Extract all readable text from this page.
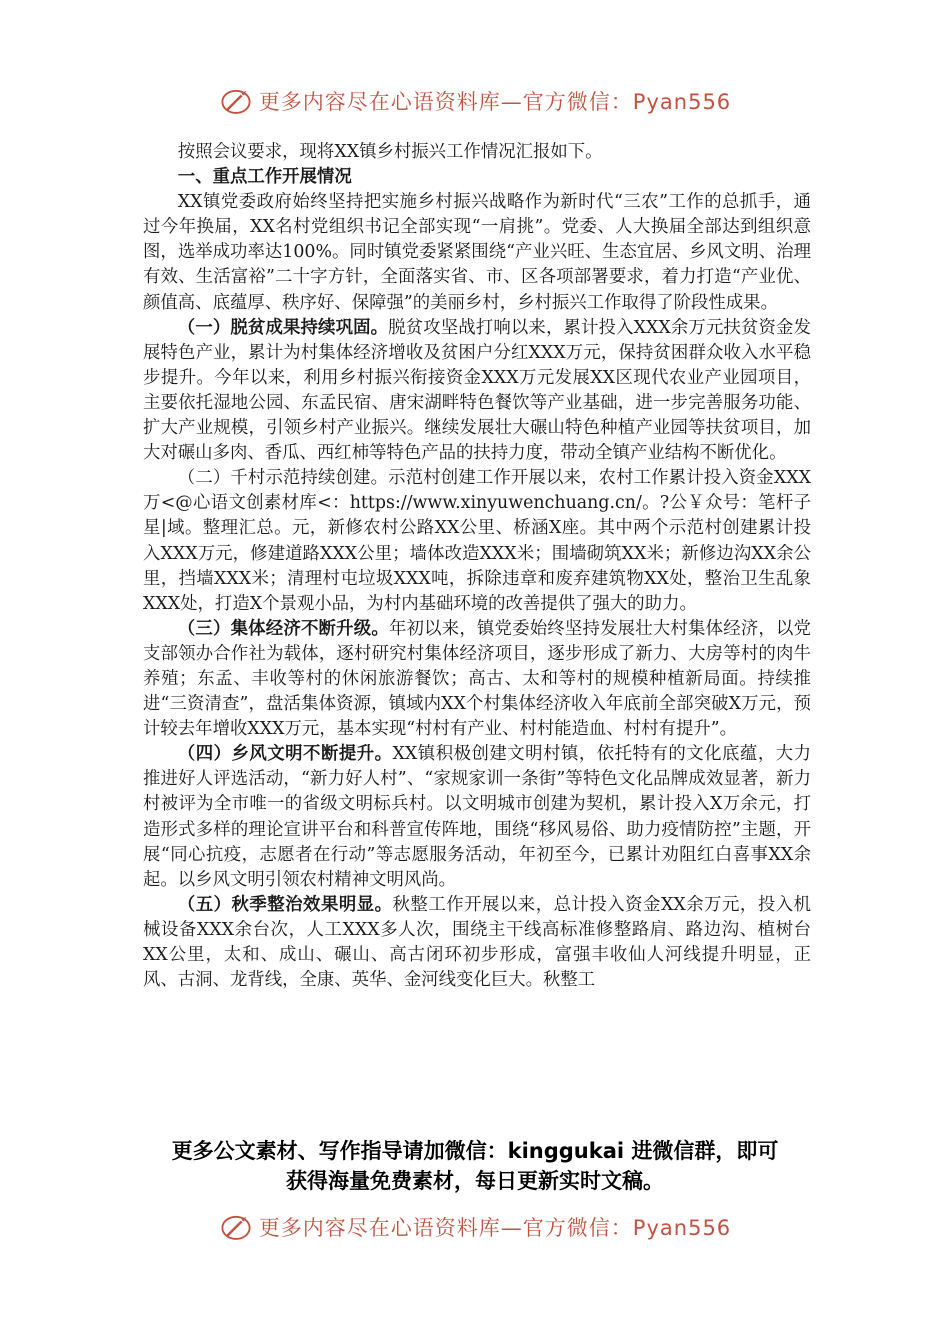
更多内容尽在心语资料库—官方微信：Pyan556

按照会议要求，现将XX镇乡村振兴工作情况汇报如下。

一、重点工作开展情况

XX镇党委政府始终坚持把实施乡村振兴战略作为新时代“三农”工作的总抓手，通过今年换届，XX名村党组织书记全部实现“一肩挑”。党委、人大换届全部达到组织意图，选举成功率达100%。同时镇党委紧紧围绕“产业兴旺、生态宜居、乡风文明、治理有效、生活富裕”二十字方针，全面落实省、市、区各项部署要求，着力打造“产业优、颜值高、底蕴厚、秩序好、保障强”的美丽乡村，乡村振兴工作取得了阶段性成果。

（一）脱贫成果持续巩固。脱贫攻坚战打响以来，累计投入XXX余万元扶贫资金发展特色产业，累计为村集体经济增收及贫困户分红XXX万元，保持贫困群众收入水平稳步提升。今年以来，利用乡村振兴衔接资金XXX万元发展XX区现代农业产业园项目，主要依托湿地公园、东孟民宿、唐宋湖畔特色餐饮等产业基础，进一步完善服务功能、扩大产业规模，引领乡村产业振兴。继续发展壮大碾山特色种植产业园等扶贫项目，加大对碾山多肉、香瓜、西红柿等特色产品的扶持力度，带动全镇产业结构不断优化。

（二）千村示范持续创建。示范村创建工作开展以来，农村工作累计投入资金XXX万<@心语文创素材库<：https://www.xinyuwenchuang.cn/。?公￥众号：笔杆子星|域。整理汇总。元，新修农村公路XX公里、桥涵X座。其中两个示范村创建累计投入XXX万元，修建道路XXX公里；墙体改造XXX米；围墙砌筑XX米；新修边沟XX余公里，挡墙XXX米；清理村屯垃圾XXX吨，拆除违章和废弃建筑物XX处，整治卫生乱象XXX处，打造X个景观小品，为村内基础环境的改善提供了强大的助力。

（三）集体经济不断升级。年初以来，镇党委始终坚持发展壮大村集体经济，以党支部领办合作社为载体，逐村研究村集体经济项目，逐步形成了新力、大房等村的肉牛养殖；东孟、丰收等村的休闲旅游餐饮；高古、太和等村的规模种植新局面。持续推进“三资清查”，盘活集体资源，镇域内XX个村集体经济收入年底前全部突破X万元，预计较去年增收XXX万元，基本实现“村村有产业、村村能造血、村村有提升”。

（四）乡风文明不断提升。XX镇积极创建文明村镇，依托特有的文化底蕴，大力推进好人评选活动，“新力好人村”、“家规家训一条街”等特色文化品牌成效显著，新力村被评为全市唯一的省级文明标兵村。以文明城市创建为契机，累计投入X万余元，打造形式多样的理论宣讲平台和科普宣传阵地，围绕“移风易俗、助力疫情防控”主题，开展“同心抗疫，志愿者在行动”等志愿服务活动，年初至今，已累计劝阻红白喜事XX余起。以乡风文明引领农村精神文明风尚。

（五）秋季整治效果明显。秋整工作开展以来，总计投入资金XX余万元，投入机械设备XXX余台次，人工XXX多人次，围绕主干线高标准修整路肩、路边沟、植树台XX公里，太和、成山、碾山、高古闭环初步形成，富强丰收仙人河线提升明显，正风、古洞、龙背线，全康、英华、金河线变化巨大。秋整工

更多公文素材、写作指导请加微信：kinggukai 进微信群，即可
获得海量免费素材，每日更新实时文稿。
更多内容尽在心语资料库—官方微信：Pyan556
